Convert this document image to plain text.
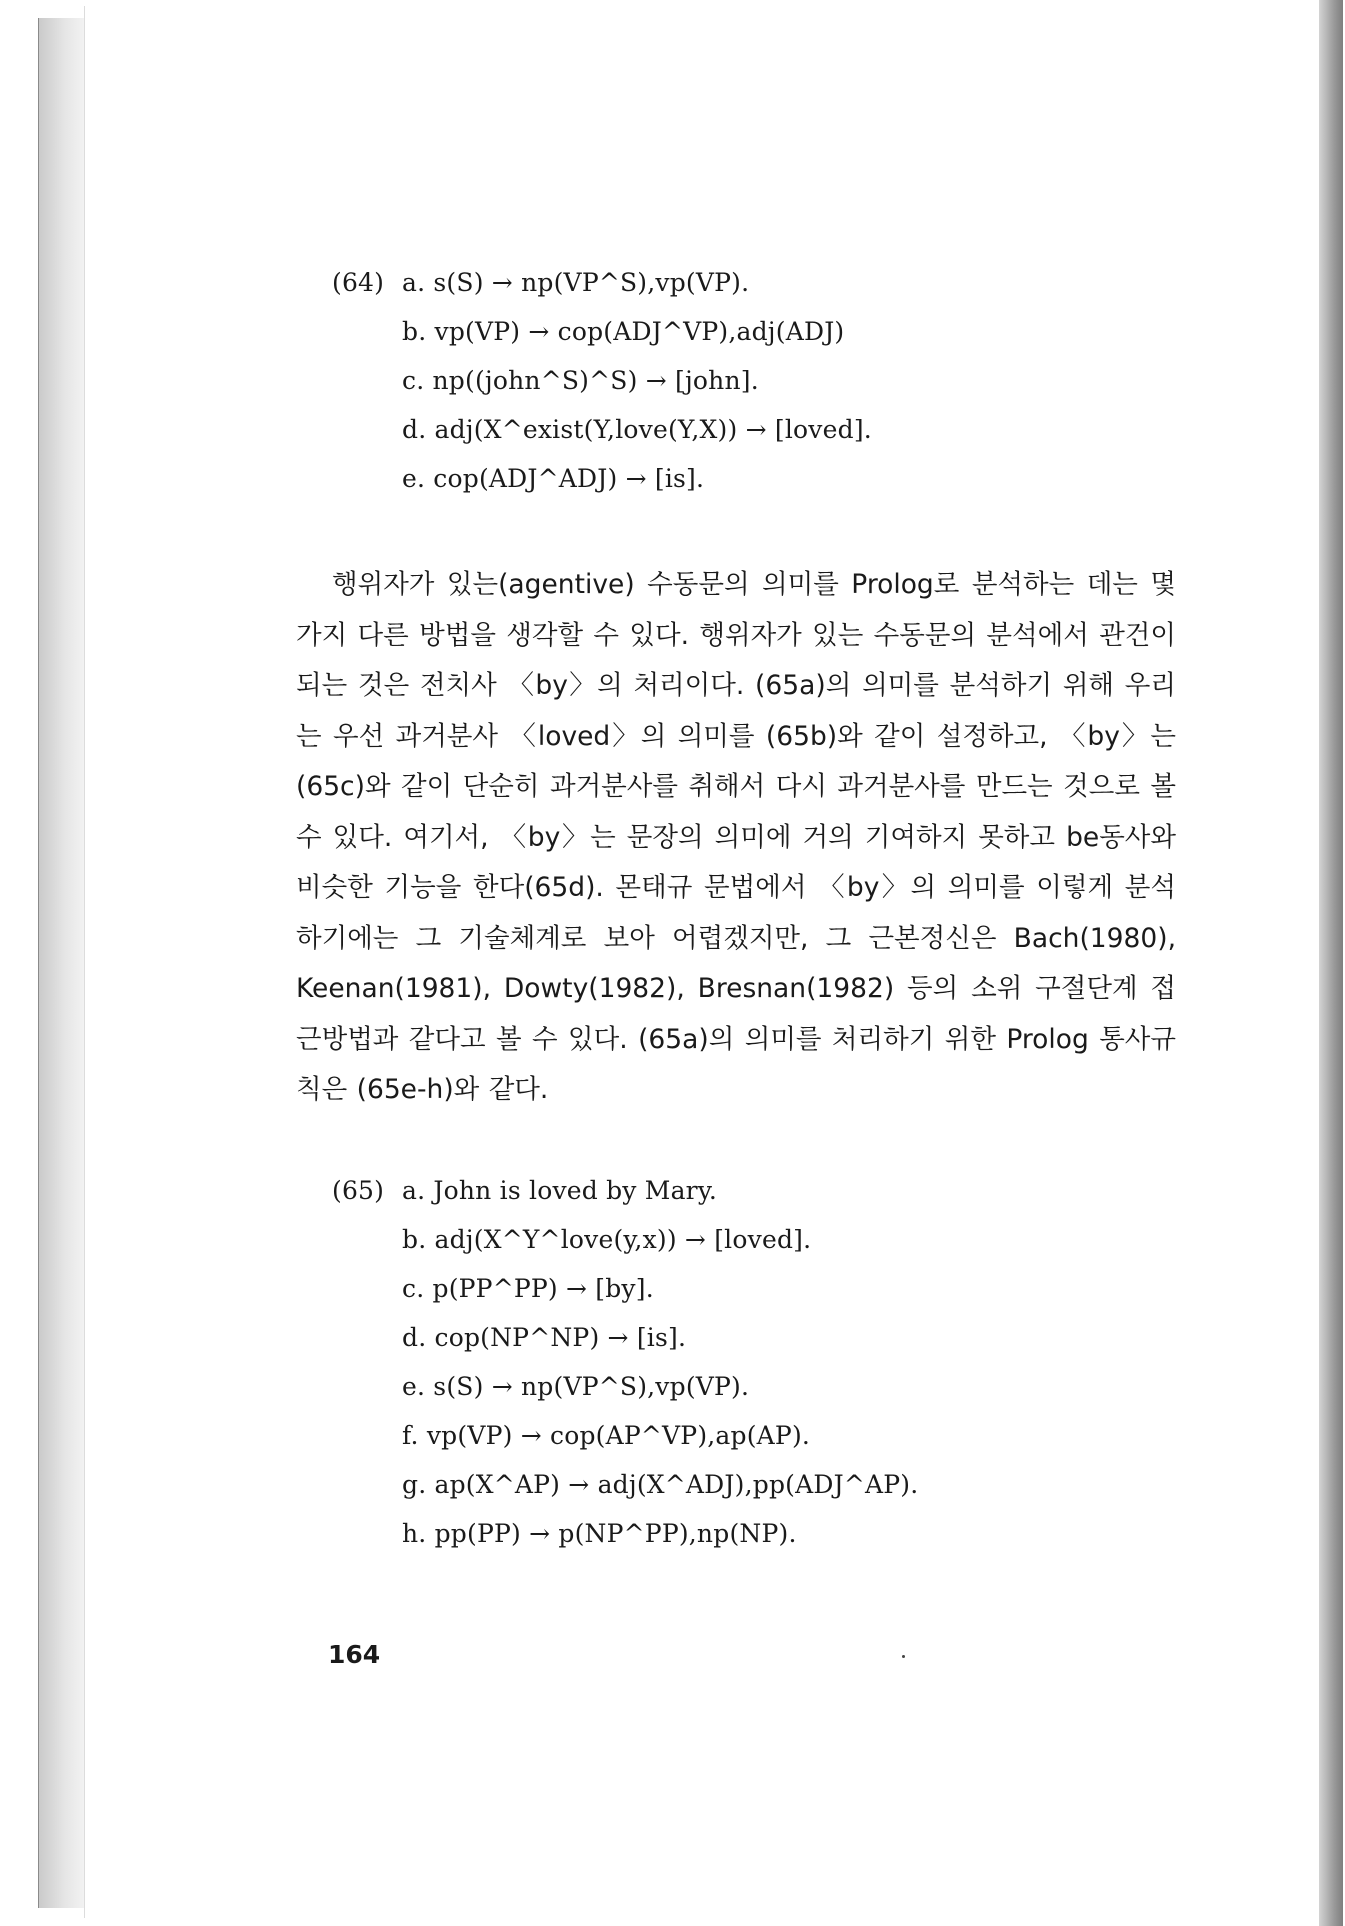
(64) a. s(S) → np(VP^S),vp(VP).
b. vp(VP) → cop(ADJ^VP),adj(ADJ)
c. np((john^S)^S) → [john].
d. adj(X^exist(Y,love(Y,X)) → [loved].
e. cop(ADJ^ADJ) → [is].

행위자가 있는(agentive) 수동문의 의미를 Prolog로 분석하는 데는 몇 가지 다른 방법을 생각할 수 있다. 행위자가 있는 수동문의 분석에서 관건이 되는 것은 전치사 〈by〉의 처리이다. (65a)의 의미를 분석하기 위해 우리는 우선 과거분사 〈loved〉의 의미를 (65b)와 같이 설정하고, 〈by〉는 (65c)와 같이 단순히 과거분사를 취해서 다시 과거분사를 만드는 것으로 볼 수 있다. 여기서, 〈by〉는 문장의 의미에 거의 기여하지 못하고 be동사와 비슷한 기능을 한다(65d). 몬태규 문법에서 〈by〉의 의미를 이렇게 분석하기에는 그 기술체계로 보아 어렵겠지만, 그 근본정신은 Bach(1980), Keenan(1981), Dowty(1982), Bresnan(1982) 등의 소위 구절단계 접근방법과 같다고 볼 수 있다. (65a)의 의미를 처리하기 위한 Prolog 통사규칙은 (65e-h)와 같다.

(65) a. John is loved by Mary.
b. adj(X^Y^love(y,x)) → [loved].
c. p(PP^PP) → [by].
d. cop(NP^NP) → [is].
e. s(S) → np(VP^S),vp(VP).
f. vp(VP) → cop(AP^VP),ap(AP).
g. ap(X^AP) → adj(X^ADJ),pp(ADJ^AP).
h. pp(PP) → p(NP^PP),np(NP).
164
